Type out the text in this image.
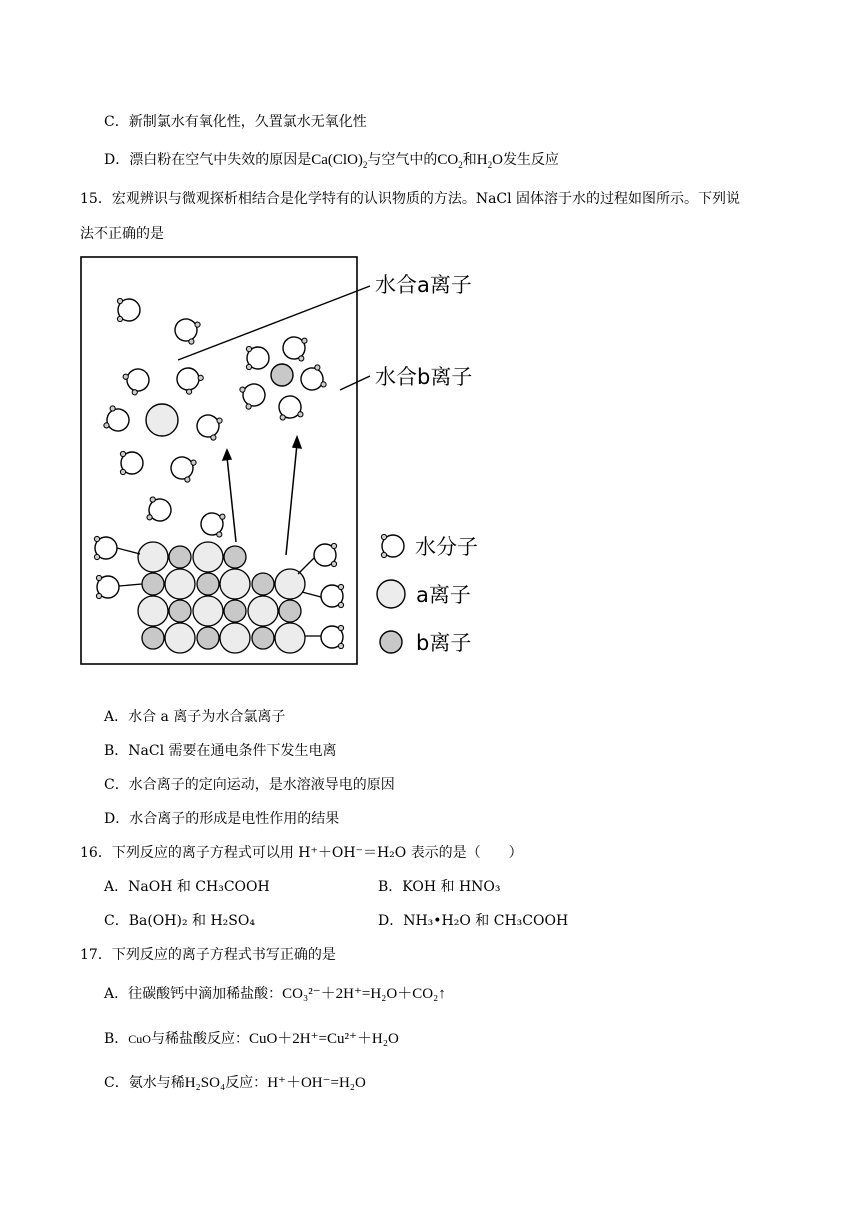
C．新制氯水有氧化性，久置氯水无氧化性
D．漂白粉在空气中失效的原因是$Ca(ClO)_2$与空气中的$CO_2$和$H_2O$发生反应
15．宏观辨识与微观探析相结合是化学特有的认识物质的方法。NaCl 固体溶于水的过程如图所示。下列说
法不正确的是
水合a离子
水合b离子
水分子
a离子
b离子
A．水合 a 离子为水合氯离子
B．NaCl 需要在通电条件下发生电离
C．水合离子的定向运动，是水溶液导电的原因
D．水合离子的形成是电性作用的结果
16．下列反应的离子方程式可以用 H⁺＋OH⁻＝H₂O 表示的是（　　）
A．NaOH 和 CH₃COOH	B．KOH 和 HNO₃
C．Ba(OH)₂ 和 H₂SO₄	D．NH₃•H₂O 和 CH₃COOH
17．下列反应的离子方程式书写正确的是
A．往碳酸钙中滴加稀盐酸：CO₃²⁻＋2H⁺=H₂O＋CO₂↑
B．CuO与稀盐酸反应：CuO＋2H⁺=Cu²⁺＋H₂O
C．氨水与稀H₂SO₄反应：H⁺＋OH⁻=H₂O
